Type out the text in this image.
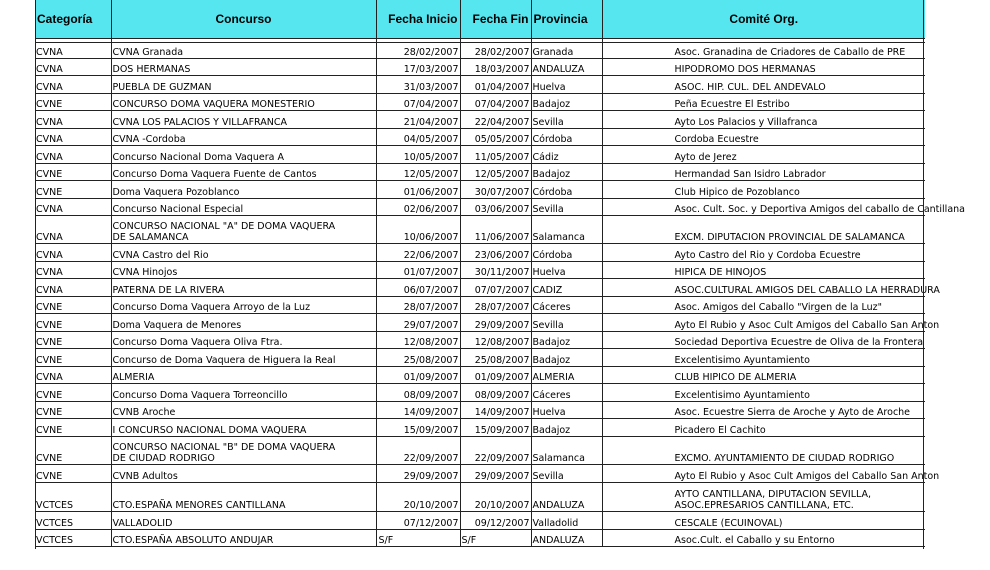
Categoría	Concurso	Fecha Inicio	Fecha Fin	Provincia	Comité Org.

CVNA	CVNA Granada	28/02/2007	28/02/2007	Granada	Asoc. Granadina de Criadores de Caballo de PRE
CVNA	DOS HERMANAS	17/03/2007	18/03/2007	ANDALUZA	HIPODROMO DOS HERMANAS
CVNA	PUEBLA DE GUZMAN	31/03/2007	01/04/2007	Huelva	ASOC. HIP. CUL. DEL ANDEVALO
CVNE	CONCURSO DOMA VAQUERA MONESTERIO	07/04/2007	07/04/2007	Badajoz	Peña Ecuestre El Estribo
CVNA	CVNA LOS PALACIOS Y VILLAFRANCA	21/04/2007	22/04/2007	Sevilla	Ayto Los Palacios y Villafranca
CVNA	CVNA -Cordoba	04/05/2007	05/05/2007	Córdoba	Cordoba Ecuestre
CVNA	Concurso Nacional Doma Vaquera A	10/05/2007	11/05/2007	Cádiz	Ayto de Jerez
CVNE	Concurso Doma Vaquera Fuente de Cantos	12/05/2007	12/05/2007	Badajoz	Hermandad San Isidro Labrador
CVNE	Doma Vaquera Pozoblanco	01/06/2007	30/07/2007	Córdoba	Club Hipico de Pozoblanco
CVNA	Concurso Nacional Especial	02/06/2007	03/06/2007	Sevilla	Asoc. Cult. Soc. y Deportiva Amigos del caballo de Cantillana
CVNA	CONCURSO NACIONAL "A" DE DOMA VAQUERA
DE SALAMANCA	10/06/2007	11/06/2007	Salamanca	EXCM. DIPUTACION PROVINCIAL DE SALAMANCA
CVNA	CVNA Castro del Rio	22/06/2007	23/06/2007	Córdoba	Ayto Castro del Rio y Cordoba Ecuestre
CVNA	CVNA Hinojos	01/07/2007	30/11/2007	Huelva	HIPICA DE HINOJOS
CVNA	PATERNA DE LA RIVERA	06/07/2007	07/07/2007	CADIZ	ASOC.CULTURAL AMIGOS DEL CABALLO LA HERRADURA
CVNE	Concurso Doma Vaquera Arroyo de la Luz	28/07/2007	28/07/2007	Cáceres	Asoc. Amigos del Caballo "Virgen de la Luz"
CVNE	Doma Vaquera de Menores	29/07/2007	29/09/2007	Sevilla	Ayto El Rubio y Asoc Cult Amigos del Caballo San Anton
CVNE	Concurso Doma Vaquera Oliva Ftra.	12/08/2007	12/08/2007	Badajoz	Sociedad Deportiva Ecuestre de Oliva de la Frontera
CVNE	Concurso de Doma Vaquera de Higuera la Real	25/08/2007	25/08/2007	Badajoz	Excelentisimo Ayuntamiento
CVNA	ALMERIA	01/09/2007	01/09/2007	ALMERIA	CLUB HIPICO DE ALMERIA
CVNE	Concurso Doma Vaquera Torreoncillo	08/09/2007	08/09/2007	Cáceres	Excelentisimo Ayuntamiento
CVNE	CVNB Aroche	14/09/2007	14/09/2007	Huelva	Asoc. Ecuestre Sierra de Aroche y Ayto de Aroche
CVNE	I CONCURSO NACIONAL DOMA VAQUERA	15/09/2007	15/09/2007	Badajoz	Picadero El Cachito
CVNE	CONCURSO NACIONAL "B" DE DOMA VAQUERA
DE CIUDAD RODRIGO	22/09/2007	22/09/2007	Salamanca	EXCMO. AYUNTAMIENTO DE CIUDAD RODRIGO
CVNE	CVNB Adultos	29/09/2007	29/09/2007	Sevilla	Ayto El Rubio y Asoc Cult Amigos del Caballo San Anton
VCTCES	CTO.ESPAÑA MENORES CANTILLANA	20/10/2007	20/10/2007	ANDALUZA	AYTO CANTILLANA, DIPUTACION SEVILLA,
ASOC.EPRESARIOS CANTILLANA, ETC.
VCTCES	VALLADOLID	07/12/2007	09/12/2007	Valladolid	CESCALE (ECUINOVAL)
VCTCES	CTO.ESPAÑA ABSOLUTO ANDUJAR	S/F	S/F	ANDALUZA	Asoc.Cult. el Caballo y su Entorno
